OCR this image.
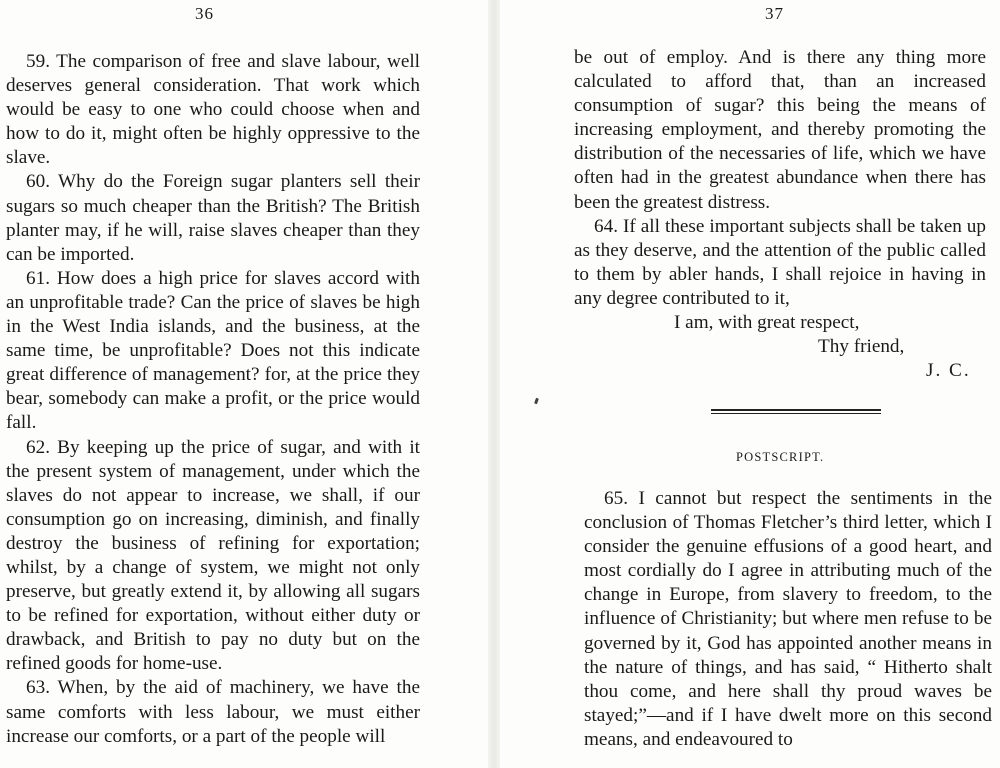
36

59. The comparison of free and slave labour, well deserves general consideration. That work which would be easy to one who could choose when and how to do it, might often be highly oppressive to the slave.

60. Why do the Foreign sugar planters sell their sugars so much cheaper than the British? The British planter may, if he will, raise slaves cheaper than they can be imported.

61. How does a high price for slaves accord with an unprofitable trade? Can the price of slaves be high in the West India islands, and the business, at the same time, be unprofitable? Does not this indicate great difference of management? for, at the price they bear, somebody can make a profit, or the price would fall.

62. By keeping up the price of sugar, and with it the present system of management, under which the slaves do not appear to increase, we shall, if our consumption go on increasing, diminish, and finally destroy the business of refining for exportation; whilst, by a change of system, we might not only preserve, but greatly extend it, by allowing all sugars to be refined for exportation, without either duty or drawback, and British to pay no duty but on the refined goods for home-use.

63. When, by the aid of machinery, we have the same comforts with less labour, we must either increase our comforts, or a part of the people will

37

be out of employ. And is there any thing more calculated to afford that, than an increased consumption of sugar? this being the means of increasing employment, and thereby promoting the distribution of the necessaries of life, which we have often had in the greatest abundance when there has been the greatest distress.

64. If all these important subjects shall be taken up as they deserve, and the attention of the public called to them by abler hands, I shall rejoice in having in any degree contributed to it,

I am, with great respect,

Thy friend,

J. C.

POSTSCRIPT.

65. I cannot but respect the sentiments in the conclusion of Thomas Fletcher’s third letter, which I consider the genuine effusions of a good heart, and most cordially do I agree in attributing much of the change in Europe, from slavery to freedom, to the influence of Christianity; but where men refuse to be governed by it, God has appointed another means in the nature of things, and has said, “ Hitherto shalt thou come, and here shall thy proud waves be stayed;”—and if I have dwelt more on this second means, and endeavoured to
